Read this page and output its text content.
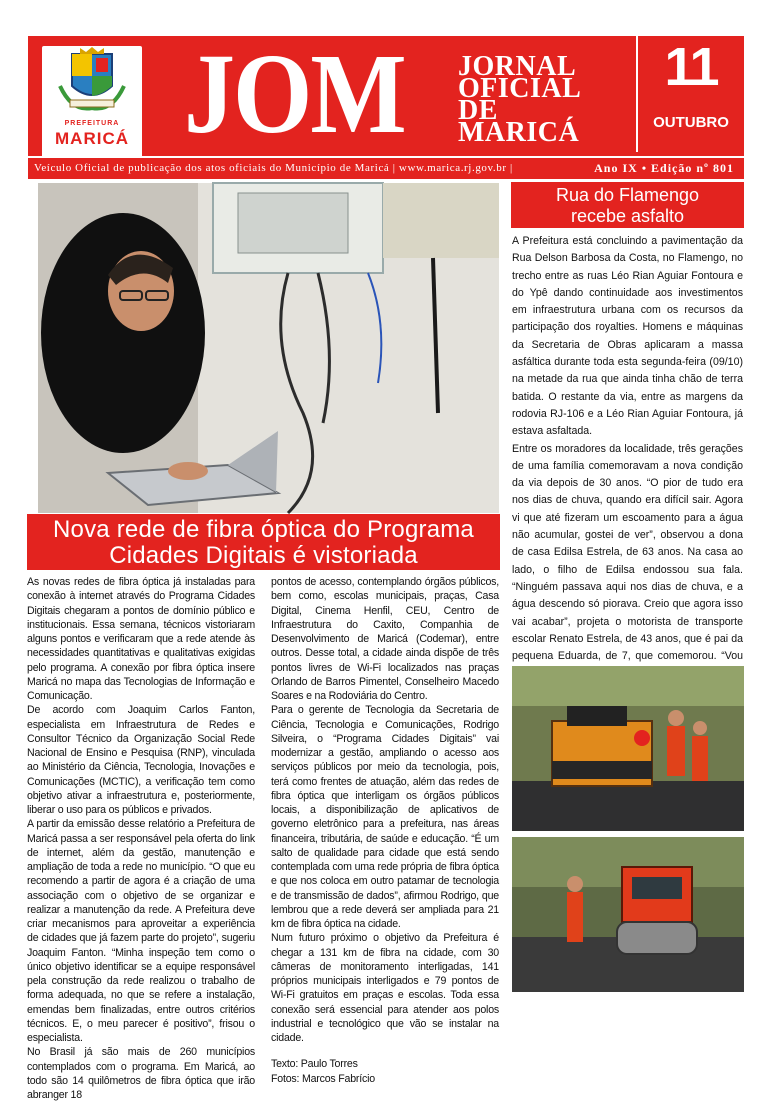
PREFEITURA
MARICÁ JOM JORNAL
OFICIAL DE
MARICÁ
11
OUTUBRO
Veículo Oficial de publicação dos atos oficiais do Município de Maricá | www.marica.rj.gov.br |	Ano IX • Edição nº 801
Rua do Flamengo
recebe asfalto

A Prefeitura está concluindo a pavimentação da Rua Delson Barbosa da Costa, no Flamengo, no trecho entre as ruas Léo Rian Aguiar Fontoura e do Ypê dando continuidade aos investimentos em infraestrutura urbana com os recursos da participação dos royalties. Homens e máquinas da Secretaria de Obras aplicaram a massa asfáltica durante toda esta segunda-feira (09/10) na metade da rua que ainda tinha chão de terra batida. O restante da via, entre as margens da rodovia RJ-106 e a Léo Rian Aguiar Fontoura, já estava asfaltada.

Entre os moradores da localidade, três gerações de uma família comemoravam a nova condição da via depois de 30 anos. “O pior de tudo era nos dias de chuva, quando era difícil sair. Agora vi que até fizeram um escoamento para a água não acumular, gostei de ver”, observou a dona de casa Edilsa Estrela, de 63 anos. Na casa ao lado, o filho de Edilsa endossou sua fala. “Ninguém passava aqui nos dias de chuva, e a água descendo só piorava. Creio que agora isso vai acabar”, projeta o motorista de transporte escolar Renato Estrela, de 43 anos, que é pai da pequena Eduarda, de 7, que comemorou. “Vou

Nova rede de fibra óptica do Programa
Cidades Digitais é vistoriada

As novas redes de fibra óptica já instaladas para conexão à internet através do Programa Cidades Digitais chegaram a pontos de domínio público e institucionais. Essa semana, técnicos vistoriaram alguns pontos e verificaram que a rede atende às necessidades quantitativas e qualitativas exigidas pelo programa. A conexão por fibra óptica insere Maricá no mapa das Tecnologias de Informação e Comunicação.

De acordo com Joaquim Carlos Fanton, especialista em Infraestrutura de Redes e Consultor Técnico da Organização Social Rede Nacional de Ensino e Pesquisa (RNP), vinculada ao Ministério da Ciência, Tecnologia, Inovações e Comunicações (MCTIC), a verificação tem como objetivo ativar a infraestrutura e, posteriormente, liberar o uso para os públicos e privados.

A partir da emissão desse relatório a Prefeitura de Maricá passa a ser responsável pela oferta do link de internet, além da gestão, manutenção e ampliação de toda a rede no município. “O que eu recomendo a partir de agora é a criação de uma associação com o objetivo de se organizar e realizar a manutenção da rede. A Prefeitura deve criar mecanismos para aproveitar a experiência de cidades que já fazem parte do projeto”, sugeriu Joaquim Fanton. “Minha inspeção tem como o único objetivo identificar se a equipe responsável pela construção da rede realizou o trabalho de forma adequada, no que se refere a instalação, emendas bem finalizadas, entre outros critérios técnicos. E, o meu parecer é positivo”, frisou o especialista.

No Brasil já são mais de 260 municípios contemplados com o programa. Em Maricá, ao todo são 14 quilômetros de fibra óptica que irão abranger 18

pontos de acesso, contemplando órgãos públicos, bem como, escolas municipais, praças, Casa Digital, Cinema Henfil, CEU, Centro de Infraestrutura do Caxito, Companhia de Desenvolvimento de Maricá (Codemar), entre outros. Desse total, a cidade ainda dispõe de três pontos livres de Wi-Fi localizados nas praças Orlando de Barros Pimentel, Conselheiro Macedo Soares e na Rodoviária do Centro.

Para o gerente de Tecnologia da Secretaria de Ciência, Tecnologia e Comunicações, Rodrigo Silveira, o “Programa Cidades Digitais” vai modernizar a gestão, ampliando o acesso aos serviços públicos por meio da tecnologia, pois, terá como frentes de atuação, além das redes de fibra óptica que interligam os órgãos públicos locais, a disponibilização de aplicativos de governo eletrônico para a prefeitura, nas áreas financeira, tributária, de saúde e educação. “É um salto de qualidade para cidade que está sendo contemplada com uma rede própria de fibra óptica e que nos coloca em outro patamar de tecnologia e de transmissão de dados”, afirmou Rodrigo, que lembrou que a rede deverá ser ampliada para 21 km de fibra óptica na cidade.

Num futuro próximo o objetivo da Prefeitura é chegar a 131 km de fibra na cidade, com 30 câmeras de monitoramento interligadas, 141 próprios municipais interligados e 79 pontos de Wi-Fi gratuitos em praças e escolas. Toda essa conexão será essencial para atender aos polos industrial e tecnológico que vão se instalar na cidade.

Texto: Paulo Torres

Fotos: Marcos Fabrício
